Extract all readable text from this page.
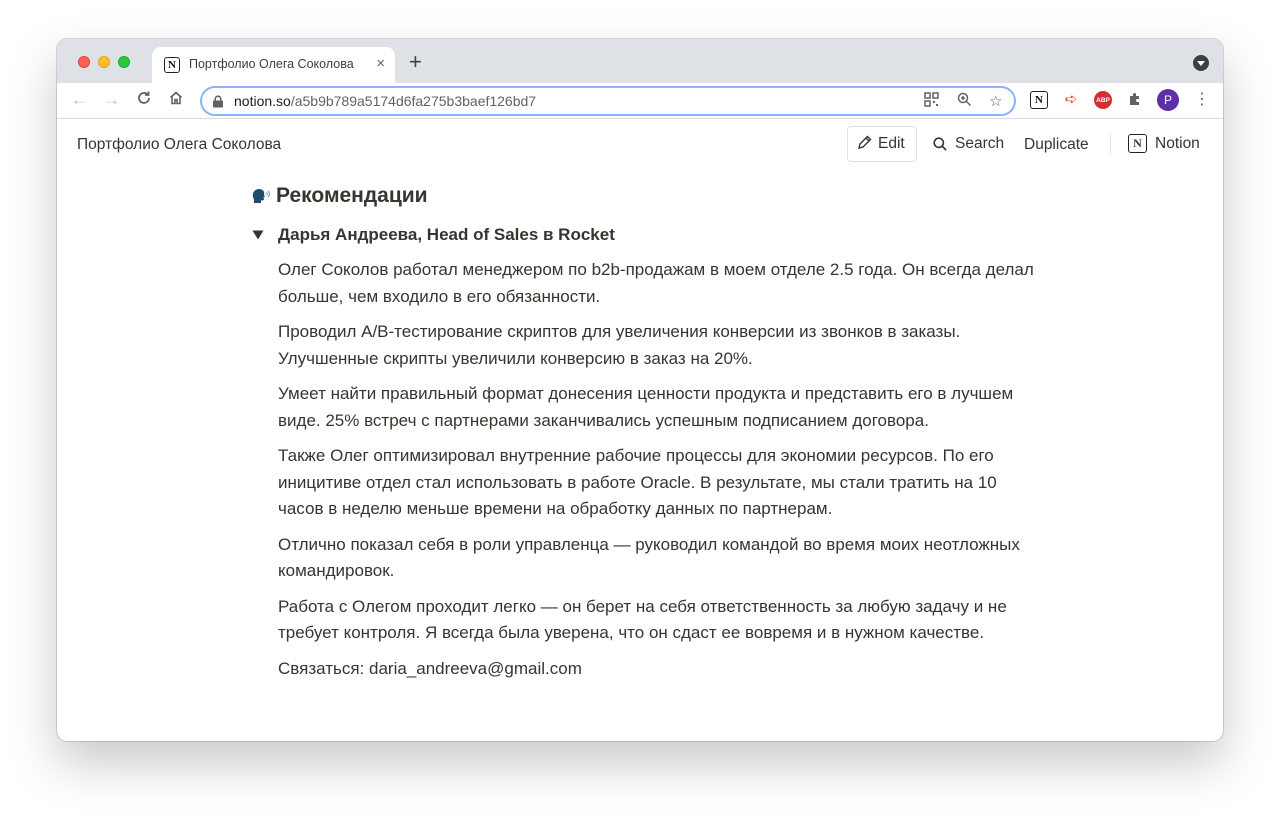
N	Портфолио Олега Соколова × +
← →	notion.so/a5b9b789a5174d6fa275b3baef126bd7	☆	N	➪	ABP	P	⋮
Портфолио Олега Соколова	Edit	Search Duplicate	N Notion
Рекомендации
Дарья Андреева, Head of Sales в Rocket

Олег Соколов работал менеджером по b2b-продажам в моем отделе 2.5 года. Он всегда делал больше, чем входило в его обязанности.

Проводил A/B-тестирование скриптов для увеличения конверсии из звонков в заказы. Улучшенные скрипты увеличили конверсию в заказ на 20%.

Умеет найти правильный формат донесения ценности продукта и представить его в лучшем виде. 25% встреч с партнерами заканчивались успешным подписанием договора.

Также Олег оптимизировал внутренние рабочие процессы для экономии ресурсов. По его иницитиве отдел стал использовать в работе Oracle. В результате, мы стали тратить на 10 часов в неделю меньше времени на обработку данных по партнерам.

Отлично показал себя в роли управленца — руководил командой во время моих неотложных командировок.

Работа с Олегом проходит легко — он берет на себя ответственность за любую задачу и не требует контроля. Я всегда была уверена, что он сдаст ее вовремя и в нужном качестве.

Связаться: daria_andreeva@gmail.com
